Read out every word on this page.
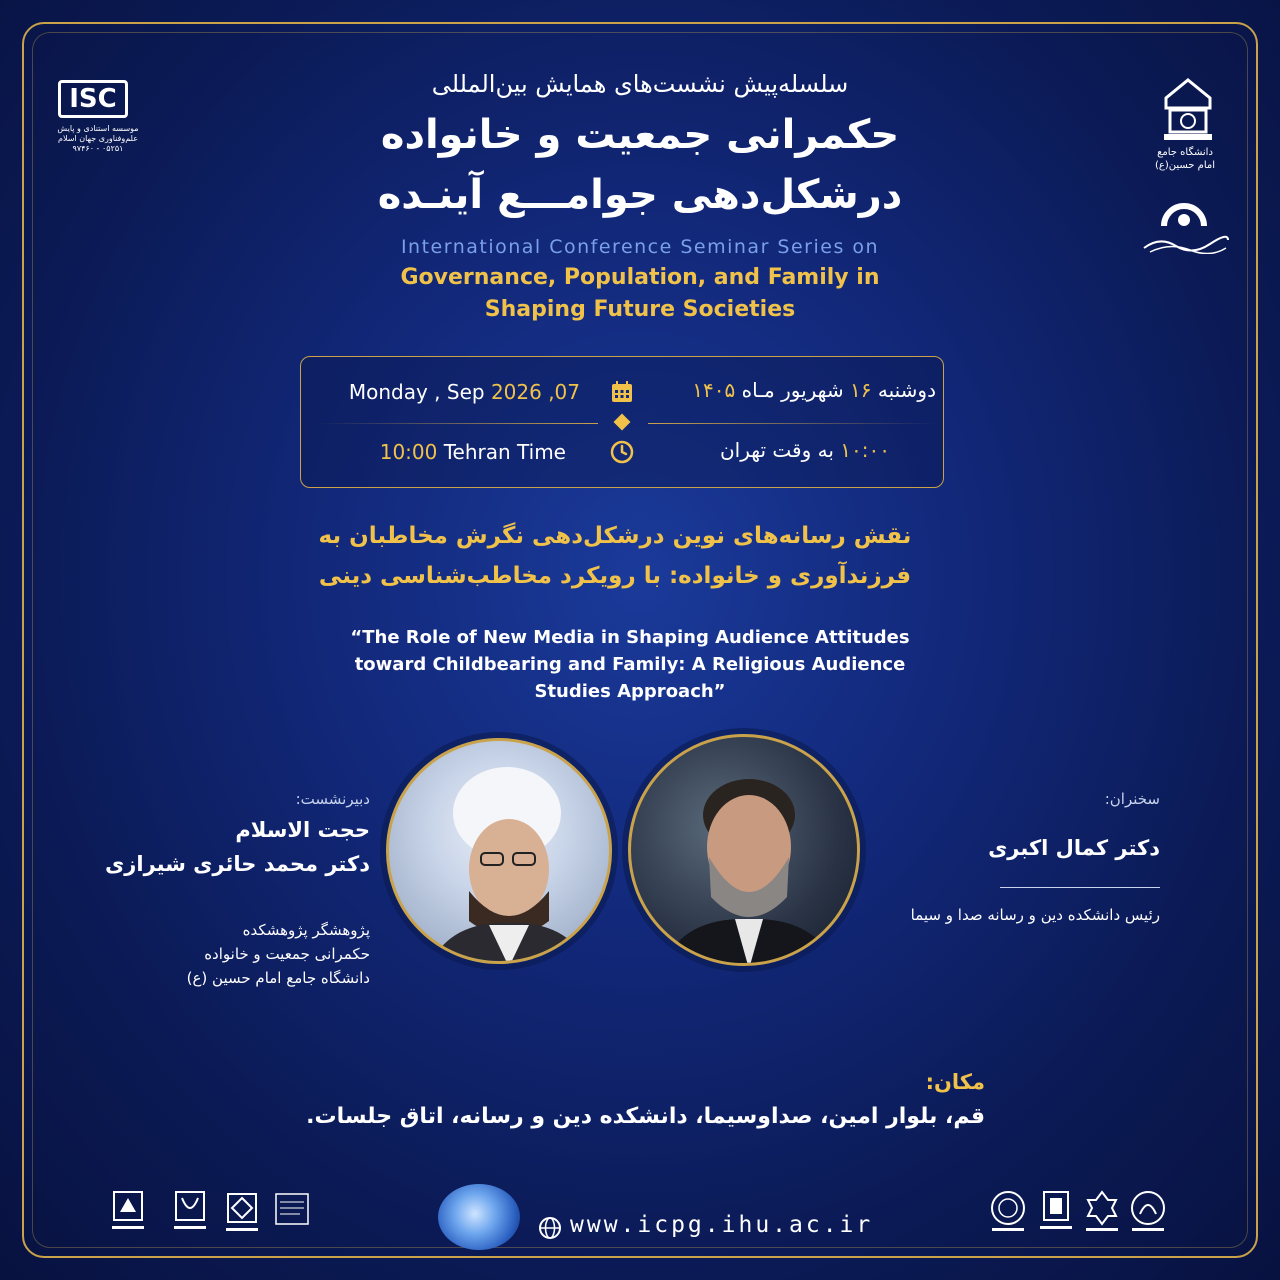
ISC
موسسه استنادی و پایش
علم‌وفناوری جهان اسلام
۰۵۲۵۱ - ۹۷۴۶۰	دانشگاه جامع
امام حسین(ع)
سلسله‌پیش نشست‌های همایش بین‌المللی
حکمرانی جمعیت و خانواده
درشکل‌دهی جوامـــع آینـده
International Conference Seminar Series on
Governance, Population, and Family in
Shaping Future Societies
Monday , Sep 2026 ,07
10:00 Tehran Time
دوشنبه ۱۶ شهریور مـاه ۱۴۰۵
۱۰:۰۰ به وقت تهران
نقش رسانه‌های نوین درشکل‌دهی نگرش مخاطبان به
فرزندآوری و خانواده: با رویکرد مخاطب‌شناسی دینی
“The Role of New Media in Shaping Audience Attitudes toward Childbearing and Family: A Religious Audience Studies Approach”
دبیرنشست:
حجت الاسلام
دکتر محمد حائری شیرازی
پژوهشگر پژوهشکده
حکمرانی جمعیت و خانواده
دانشگاه جامع امام حسین (ع)
سخنران:
دکتر کمال اکبری
رئیس دانشکده دین و رسانه صدا و سیما
مکان:
قم، بلوار امین، صداوسیما، دانشکده دین و رسانه، اتاق جلسات.
www.icpg.ihu.ac.ir
